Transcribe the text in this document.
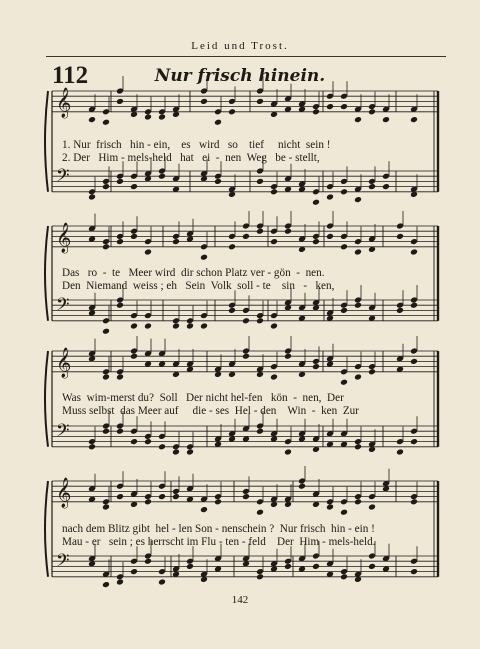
Leid und Trost.
112	Nur frisch hinein.
𝄞
𝄢
1. Nur  frisch   hin - ein,    es   wird   so    tief     nicht  sein !
2. Der   Him - mels-held   hat   ei  -  nen  Weg   be - stellt,
𝄞
𝄢
Das   ro  -  te   Meer wird  dir schon Platz ver - gön  -  nen.
Den  Niemand  weiss ; eh   Sein  Volk  soll - te    sin   -   ken,
𝄞
𝄢
Was  wim-merst du?  Soll   Der nicht hel-fen   kön  -  nen,  Der
Muss selbst  das Meer auf     die - ses  Hel - den    Win  -  ken  Zur
𝄞
𝄢
nach dem Blitz gibt  hel - len Son - nenschein ?  Nur frisch  hin - ein !
Mau - er   sein ; es herrscht im Flu - ten - feld    Der  Him - mels-held.
142
